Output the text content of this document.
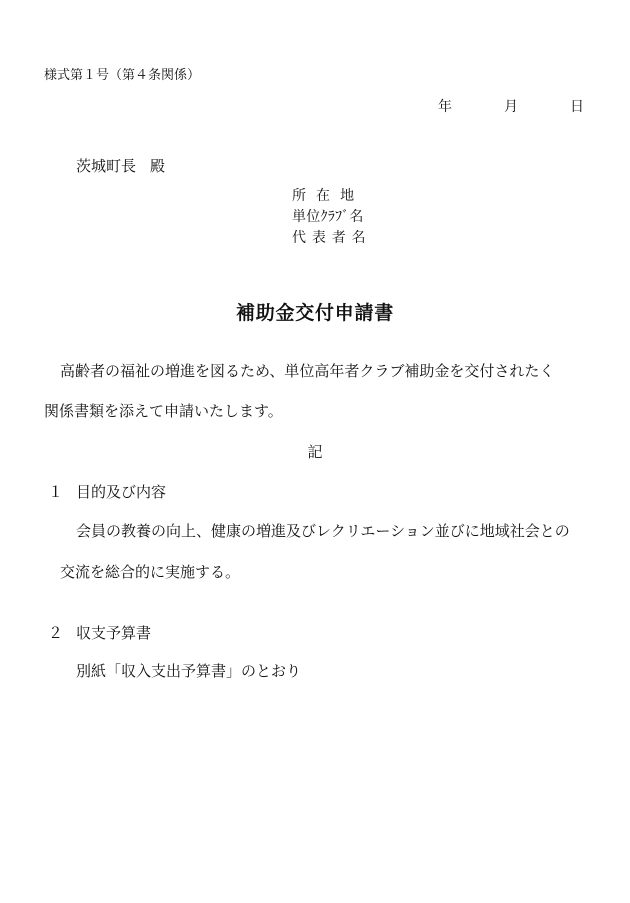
様式第１号（第４条関係）
年	月	日
茨城町長 殿
所 在 地
単位ｸﾗﾌﾞ名
代 表 者 名
補助金交付申請書
高齢者の福祉の増進を図るため、単位高年者クラブ補助金を交付されたく
関係書類を添えて申請いたします。
記
１ 目的及び内容
会員の教養の向上、健康の増進及びレクリエーション並びに地域社会との
交流を総合的に実施する。
２ 収支予算書
別紙「収入支出予算書」のとおり
